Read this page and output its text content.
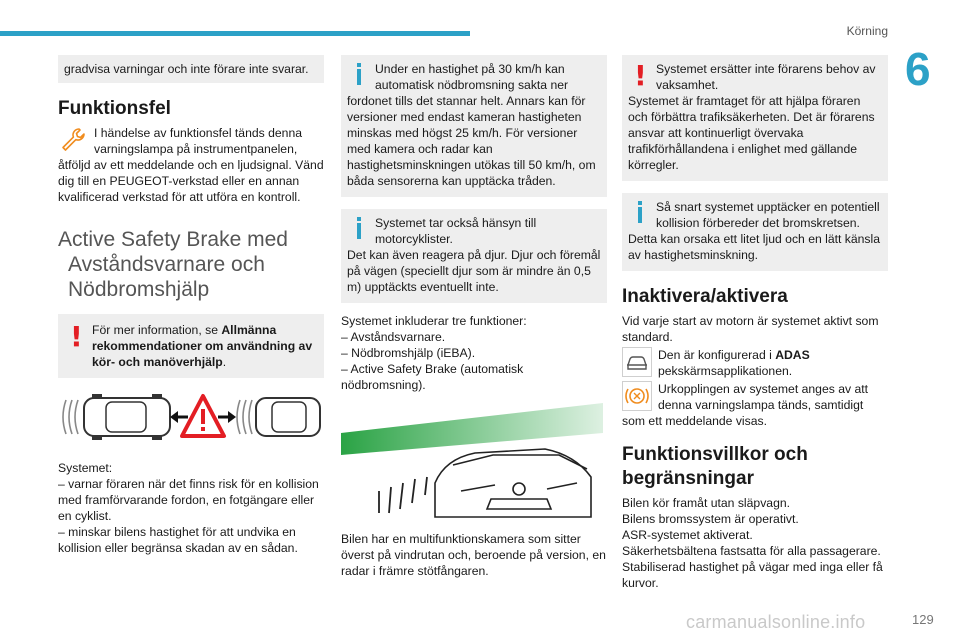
Körning
6

gradvisa varningar och inte förare inte svarar.

Funktionsfel
I händelse av funktionsfel tänds denna varningslampa på instrumentpanelen,

åtföljd av ett meddelande och en ljudsignal. Vänd dig till en PEUGEOT-verkstad eller en annan kvalificerad verkstad för att utföra en kontroll.

Active Safety Brake med
Avståndsvarnare och
Nödbromshjälp

! För mer information, se Allmänna rekommendationer om användning av kör- och manöverhjälp.

Systemet:

– varnar föraren när det finns risk för en kollision med framförvarande fordon, en fotgängare eller en cyklist.

– minskar bilens hastighet för att undvika en kollision eller begränsa skadan av en sådan.

Under en hastighet på 30 km/h kan automatisk nödbromsning sakta ner

fordonet tills det stannar helt. Annars kan för versioner med endast kameran hastigheten minskas med högst 25 km/h. För versioner med kamera och radar kan hastighetsminskningen utökas till 50 km/h, om båda sensorerna kan upptäcka tråden.

Systemet tar också hänsyn till motorcyklister.

Det kan även reagera på djur. Djur och föremål på vägen (speciellt djur som är mindre än 0,5 m) upptäckts eventuellt inte.

Systemet inkluderar tre funktioner:

– Avståndsvarnare.

– Nödbromshjälp (iEBA).

– Active Safety Brake (automatisk nödbromsning).

Bilen har en multifunktionskamera som sitter överst på vindrutan och, beroende på version, en radar i främre stötfångaren.

! Systemet ersätter inte förarens behov av vaksamhet.

Systemet är framtaget för att hjälpa föraren och förbättra trafiksäkerheten. Det är förarens ansvar att kontinuerligt övervaka trafikförhållandena i enlighet med gällande körregler.

Så snart systemet upptäcker en potentiell kollision förbereder det bromskretsen.

Detta kan orsaka ett litet ljud och en lätt känsla av hastighetsminskning.

Inaktivera/aktivera

Vid varje start av motorn är systemet aktivt som standard.

Den är konfigurerad i ADAS
pekskärmsapplikationen.
Urkopplingen av systemet anges av att denna varningslampa tänds, samtidigt

som ett meddelande visas.

Funktionsvillkor och begränsningar

Bilen kör framåt utan släpvagn.

Bilens bromssystem är operativt.

ASR-systemet aktiverat.

Säkerhetsbältena fastsatta för alla passagerare.

Stabiliserad hastighet på vägar med inga eller få kurvor.

carmanualsonline.info	129
